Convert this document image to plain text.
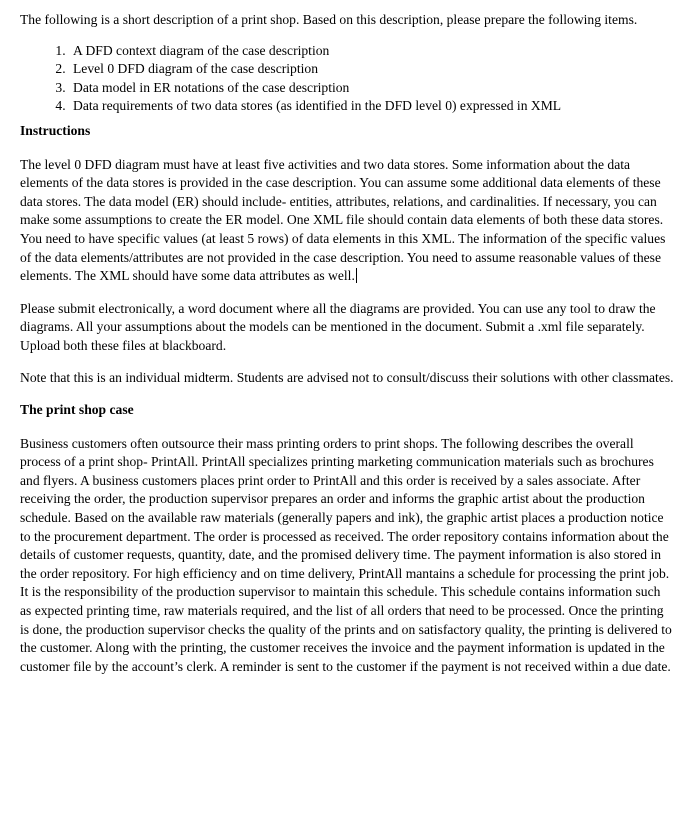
The following is a short description of a print shop. Based on this description, please prepare the following items.

1. A DFD context diagram of the case description
2. Level 0 DFD diagram of the case description
3. Data model in ER notations of the case description
4. Data requirements of two data stores (as identified in the DFD level 0) expressed in XML
Instructions

The level 0 DFD diagram must have at least five activities and two data stores. Some information about the data elements of the data stores is provided in the case description. You can assume some additional data elements of these data stores. The data model (ER) should include- entities, attributes, relations, and cardinalities. If necessary, you can make some assumptions to create the ER model. One XML file should contain data elements of both these data stores. You need to have specific values (at least 5 rows) of data elements in this XML. The information of the specific values of the data elements/attributes are not provided in the case description. You need to assume reasonable values of these elements. The XML should have some data attributes as well.

Please submit electronically, a word document where all the diagrams are provided. You can use any tool to draw the diagrams. All your assumptions about the models can be mentioned in the document. Submit a .xml file separately. Upload both these files at blackboard.

Note that this is an individual midterm. Students are advised not to consult/discuss their solutions with other classmates.

The print shop case

Business customers often outsource their mass printing orders to print shops. The following describes the overall process of a print shop- PrintAll. PrintAll specializes printing marketing communication materials such as brochures and flyers. A business customers places print order to PrintAll and this order is received by a sales associate. After receiving the order, the production supervisor prepares an order and informs the graphic artist about the production schedule. Based on the available raw materials (generally papers and ink), the graphic artist places a production notice to the procurement department. The order is processed as received. The order repository contains information about the details of customer requests, quantity, date, and the promised delivery time. The payment information is also stored in the order repository. For high efficiency and on time delivery, PrintAll mantains a schedule for processing the print job. It is the responsibility of the production supervisor to maintain this schedule. This schedule contains information such as expected printing time, raw materials required, and the list of all orders that need to be processed. Once the printing is done, the production supervisor checks the quality of the prints and on satisfactory quality, the printing is delivered to the customer. Along with the printing, the customer receives the invoice and the payment information is updated in the customer file by the account’s clerk. A reminder is sent to the customer if the payment is not received within a due date.
